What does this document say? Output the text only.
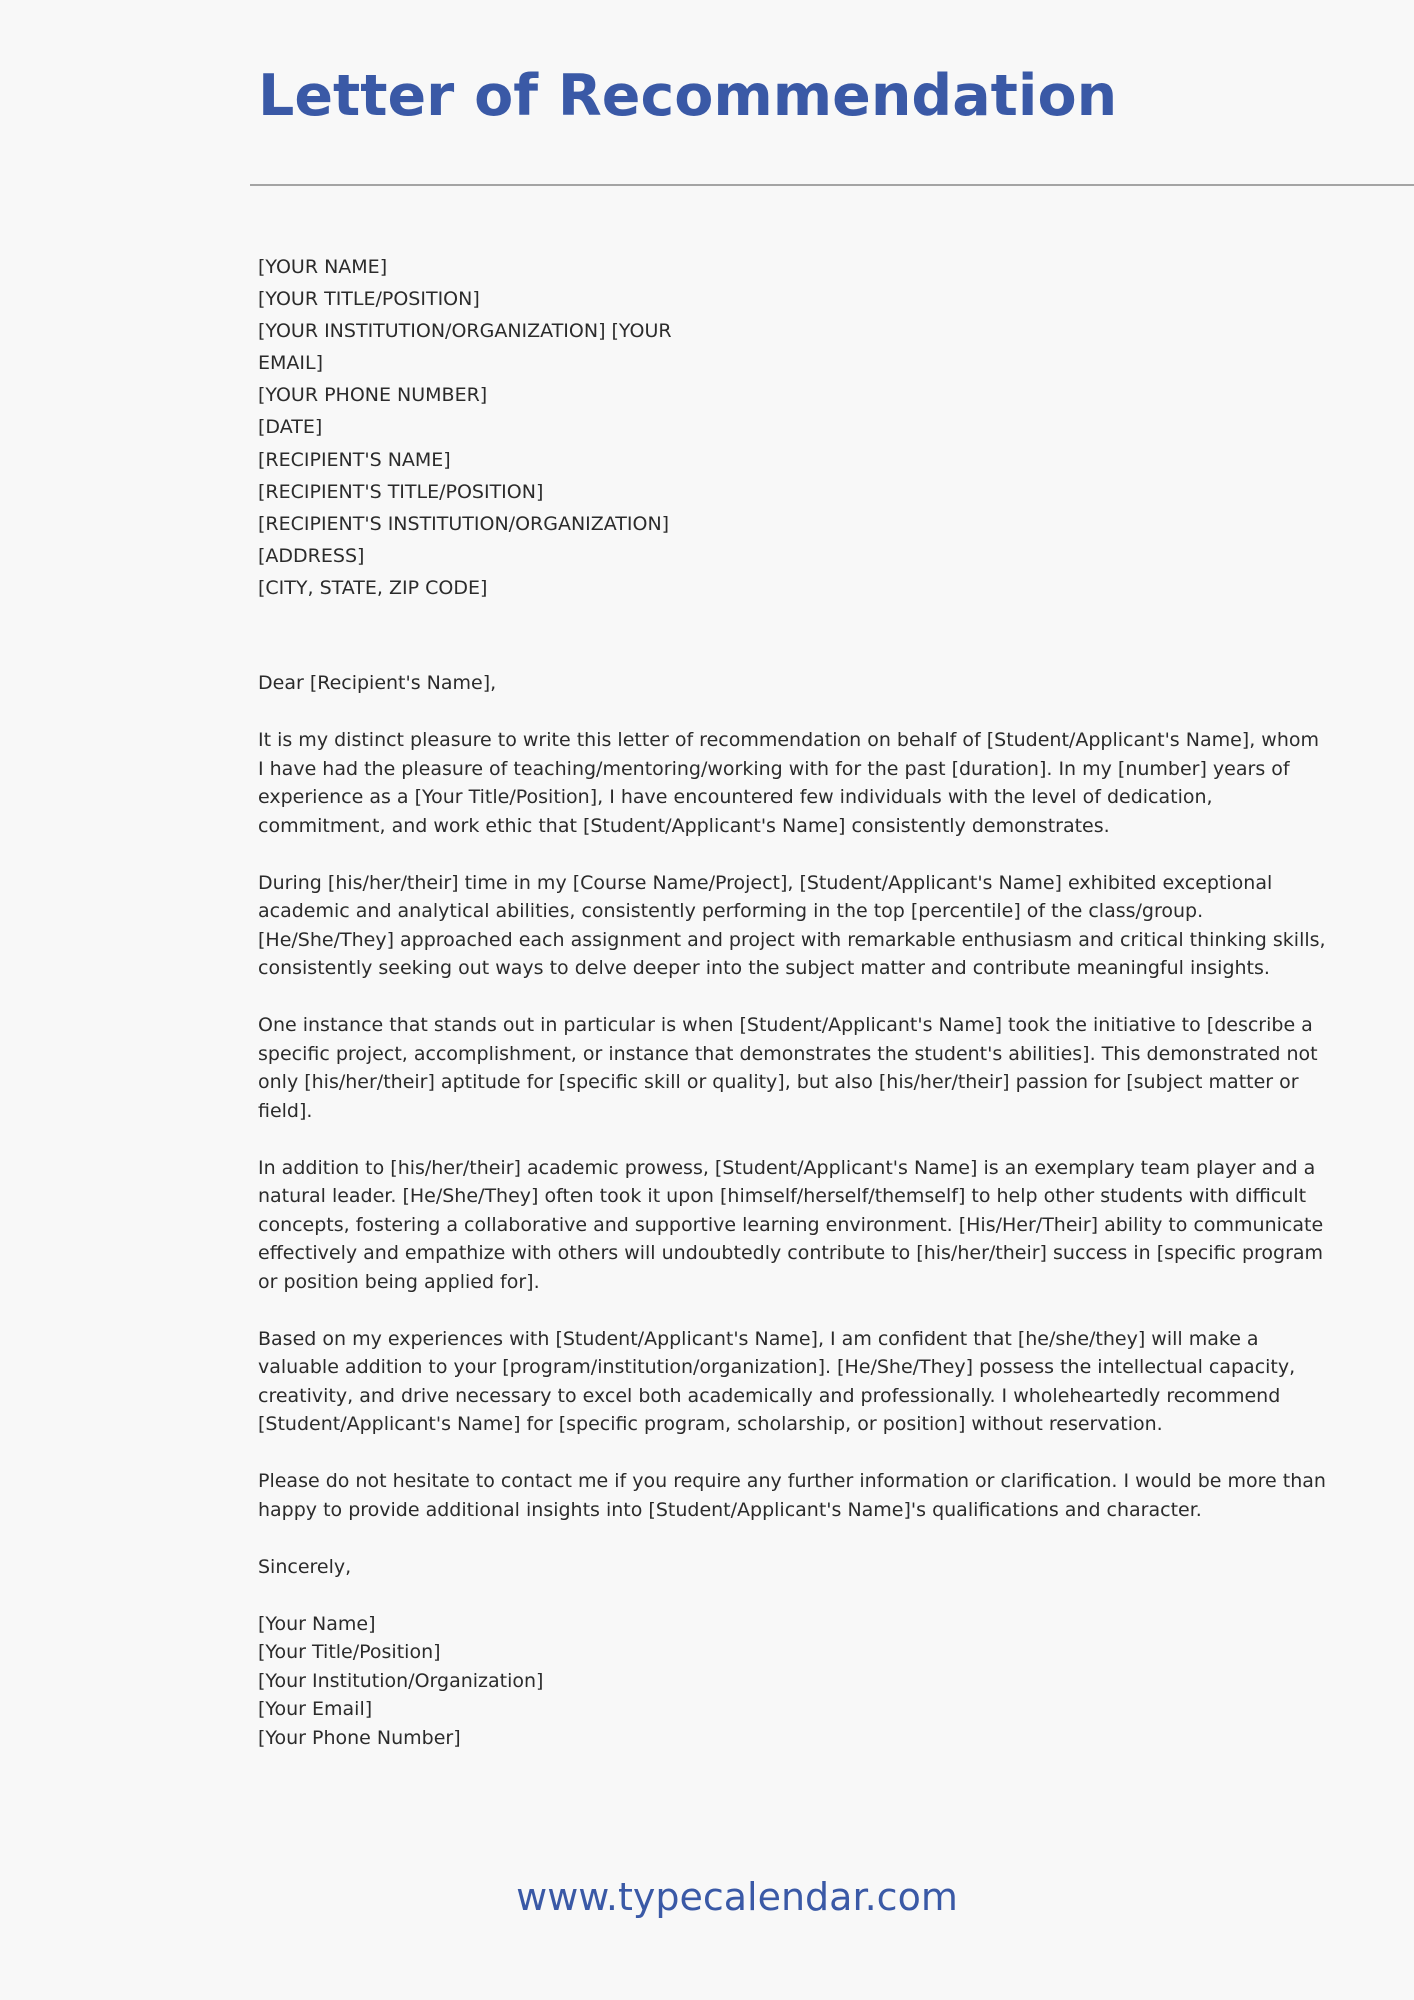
Letter of Recommendation
[YOUR NAME]
[YOUR TITLE/POSITION]
[YOUR INSTITUTION/ORGANIZATION] [YOUR EMAIL]
[YOUR PHONE NUMBER]
[DATE]
[RECIPIENT'S NAME]
[RECIPIENT'S TITLE/POSITION]
[RECIPIENT'S INSTITUTION/ORGANIZATION]
[ADDRESS]
[CITY, STATE, ZIP CODE]

Dear [Recipient's Name],

It is my distinct pleasure to write this letter of recommendation on behalf of [Student/Applicant's Name], whom I have had the pleasure of teaching/mentoring/working with for the past [duration]. In my [number] years of experience as a [Your Title/Position], I have encountered few individuals with the level of dedication, commitment, and work ethic that [Student/Applicant's Name] consistently demonstrates.

During [his/her/their] time in my [Course Name/Project], [Student/Applicant's Name] exhibited exceptional academic and analytical abilities, consistently performing in the top [percentile] of the class/group. [He/She/They] approached each assignment and project with remarkable enthusiasm and critical thinking skills, consistently seeking out ways to delve deeper into the subject matter and contribute meaningful insights.

One instance that stands out in particular is when [Student/Applicant's Name] took the initiative to [describe a specific project, accomplishment, or instance that demonstrates the student's abilities]. This demonstrated not only [his/her/their] aptitude for [specific skill or quality], but also [his/her/their] passion for [subject matter or field].

In addition to [his/her/their] academic prowess, [Student/Applicant's Name] is an exemplary team player and a natural leader. [He/She/They] often took it upon [himself/herself/themself] to help other students with difficult concepts, fostering a collaborative and supportive learning environment. [His/Her/Their] ability to communicate effectively and empathize with others will undoubtedly contribute to [his/her/their] success in [specific program or position being applied for].

Based on my experiences with [Student/Applicant's Name], I am confident that [he/she/they] will make a valuable addition to your [program/institution/organization]. [He/She/They] possess the intellectual capacity, creativity, and drive necessary to excel both academically and professionally. I wholeheartedly recommend [Student/Applicant's Name] for [specific program, scholarship, or position] without reservation.

Please do not hesitate to contact me if you require any further information or clarification. I would be more than happy to provide additional insights into [Student/Applicant's Name]'s qualifications and character.

Sincerely,

[Your Name]
[Your Title/Position]
[Your Institution/Organization]
[Your Email]
[Your Phone Number]
www.typecalendar.com
